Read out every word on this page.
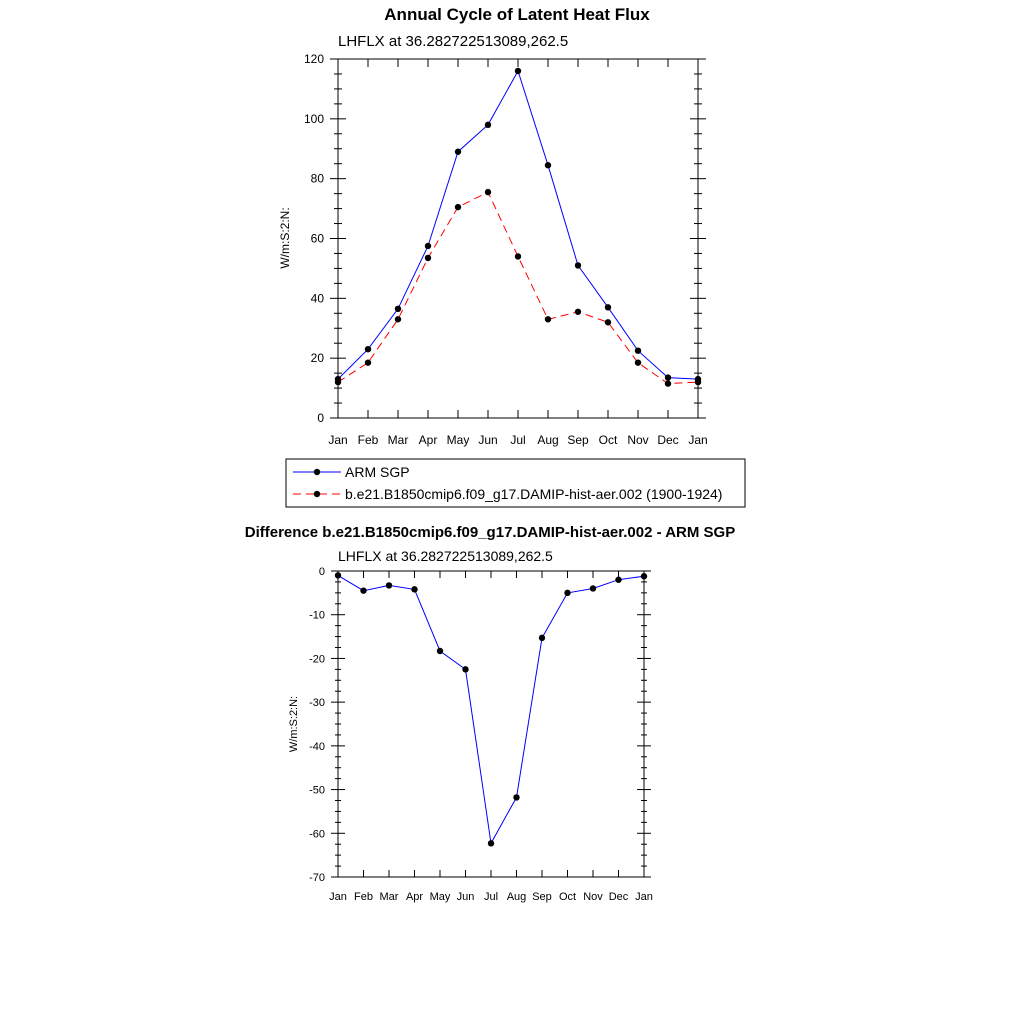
Annual Cycle of Latent Heat Flux
LHFLX at 36.282722513089,262.5
W/m:S:2:N:
Jan Feb Mar Apr May Jun Jul Aug Sep Oct Nov Dec Jan
0
20
40
60
80
100
120
ARM SGP
b.e21.B1850cmip6.f09_g17.DAMIP-hist-aer.002 (1900-1924)
Difference b.e21.B1850cmip6.f09_g17.DAMIP-hist-aer.002 - ARM SGP
LHFLX at 36.282722513089,262.5
W/m:S:2:N:
Jan Feb Mar Apr May Jun Jul Aug Sep Oct Nov Dec Jan
-70
-60
-50
-40
-30
-20
-10
0
